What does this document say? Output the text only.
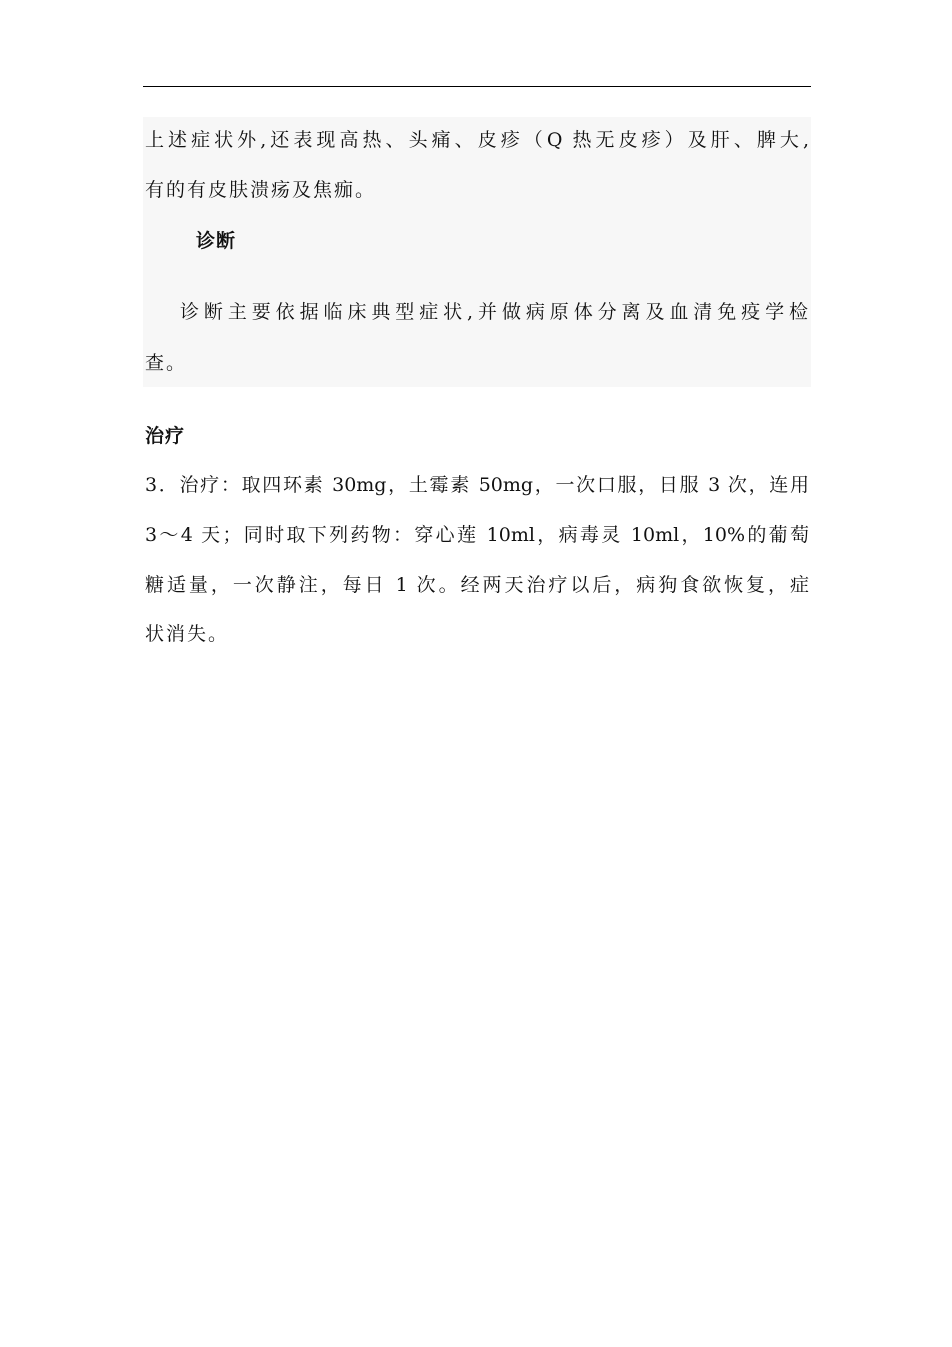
上述症状外,还表现高热、头痛、皮疹（Q 热无皮疹）及肝、脾大,
有的有皮肤溃疡及焦痂。
诊断
诊断主要依据临床典型症状,并做病原体分离及血清免疫学检
查。
治疗
3．治疗：取四环素 30mg，土霉素 50mg，一次口服，日服 3 次，连用
3～4 天；同时取下列药物：穿心莲 10ml，病毒灵 10ml，10%的葡萄
糖适量，一次静注，每日 1 次。经两天治疗以后，病狗食欲恢复，症
状消失。
